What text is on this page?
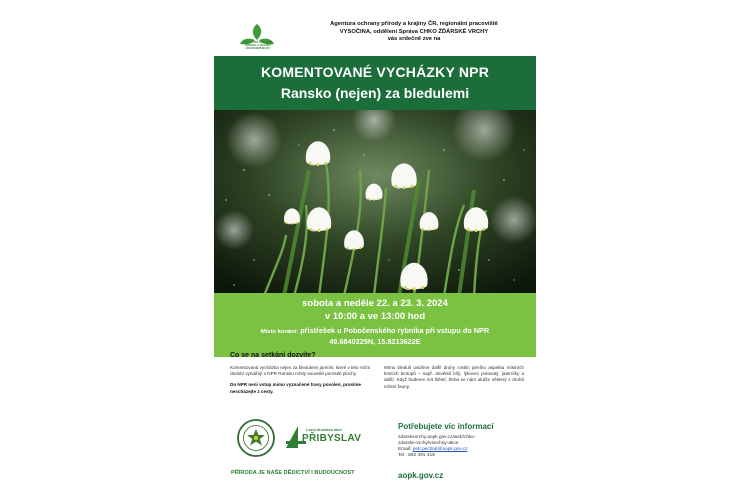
AGENTURA OCHRANY
PŘÍRODY A KRAJINY
ČESKÉ REPUBLIKY
Agentura ochrany přírody a krajiny ČR, regionální pracoviště
VYSOČINA, oddělení Správa CHKO ŽĎÁRSKÉ VRCHY
vás srdečně zve na
KOMENTOVANÉ VYCHÁZKY NPR
Ransko (nejen) za bledulemi
sobota a neděle 22. a 23. 3. 2024
v 10:00 a ve 13:00 hod
Místo konání: přístřešek u Pobočenského rybníka při vstupu do NPR
49.6840225N, 15.8213622E
Co se na setkání dozvíte?

Komentovaná vycházka nejen za bledulemi jarními, které v této roční období vytvářejí v NPR Ransko místy souvislé porostlé plochy.

Do NPR není vstup mimo vyznačené trasy povolen, prosíme nescházejte z cesty.

Mimo bledulí uvidíme další druhy rostlin jarního aspektu místních lesních biotopů – např. devětsil bílý, lýkovec jedovatý, jaterníky a další. Když budeme mít štěstí, třeba se nám ukáže některý z druhů místní fauny.
Lesní družstvo obcí
PŘIBYSLAV
PŘÍRODA JE NAŠE DĚDICTVÍ I BUDOUCNOST
Potřebujete víc informací
zdarskevrchy.aopk.gov.cz/web/chko-
zdarske-vrchy/vsechny-akce
Email: petr.pechtal@aopk.gov.cz
Tel.: 602 491 419
aopk.gov.cz
